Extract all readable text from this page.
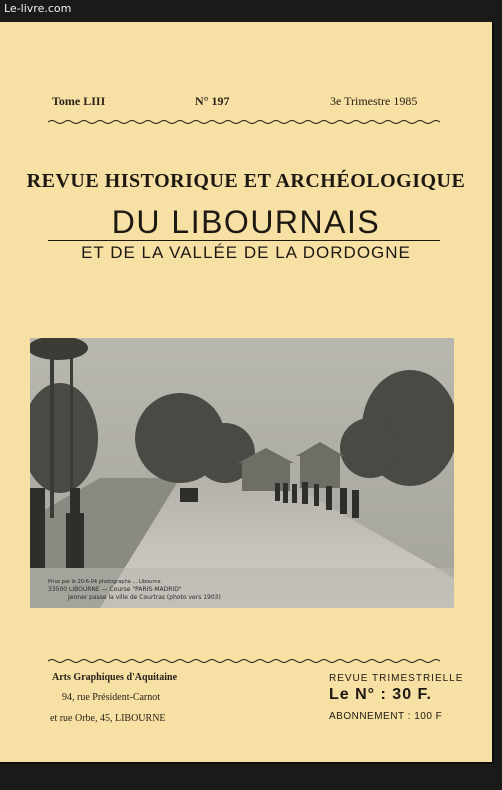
Le-livre.com
Tome LIII	N° 197	3e Trimestre 1985
REVUE HISTORIQUE ET ARCHÉOLOGIQUE
DU LIBOURNAIS
ET DE LA VALLÉE DE LA DORDOGNE
Prise par le 20-6-04 photographe ... Libourne
33500 LIBOURNE — Course "PARIS-MADRID"
Jenner passe la ville de Courtras (photo vers 1903)
Arts Graphiques d'Aquitaine
94, rue Président-Carnot
et rue Orbe, 45, LIBOURNE
REVUE TRIMESTRIELLE
Le N° : 30 F.
ABONNEMENT : 100 F
